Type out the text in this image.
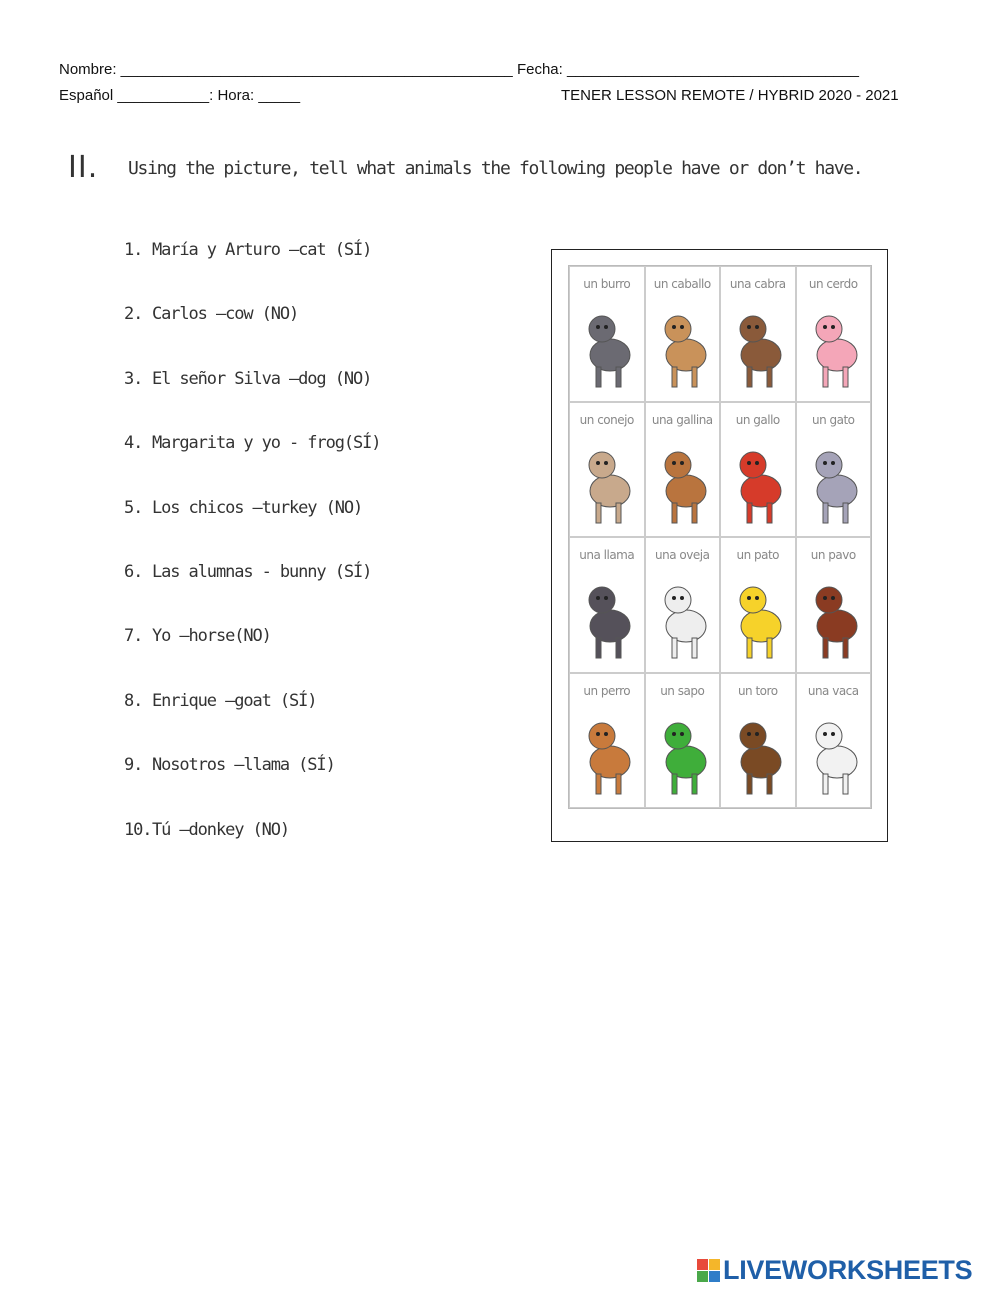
Nombre: _______________________________________________ Fecha: ___________________________________
Español ___________: Hora: _____	TENER LESSON REMOTE / HYBRID 2020 - 2021
II. Using the picture, tell what animals the following people have or don’t have.
1. María y Arturo –cat (SÍ)
2. Carlos –cow (NO)
3. El señor Silva –dog (NO)
4. Margarita y yo - frog(SÍ)
5. Los chicos –turkey (NO)
6. Las alumnas - bunny (SÍ)
7. Yo –horse(NO)
8. Enrique –goat (SÍ)
9. Nosotros –llama (SÍ)
10. Tú –donkey (NO)
un burro	un caballo	una cabra	un cerdo
un conejo	una gallina	un gallo	un gato
una llama	una oveja	un pato	un pavo
un perro	un sapo	un toro	una vaca
LIVEWORKSHEETS
